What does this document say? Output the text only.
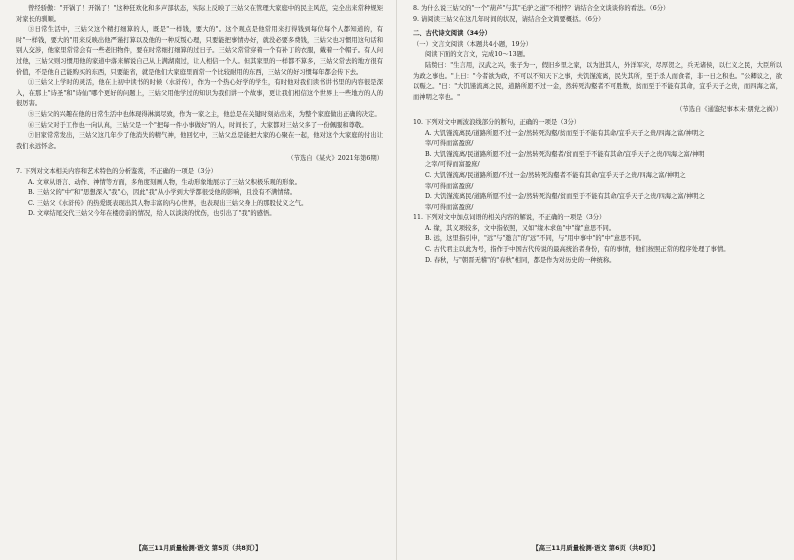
曾经骄傲："开锅了！开锅了！"这种狂欢化和多声部状态，实际上反映了三姑父在管理大家庭中的民主风范，完全出来常种规矩对家长的驯顺。

③日常生活中，三姑父这个精打细算的人，既是"一样钱，要大的"。这个观点是他常用来打得钱到每位每个人都知道的，有时"一样钱，要大的"用来反映出他严谨打算以及他的一种反叛心理，只要能把事情办好，就没必要多费钱，三姑父也习惯用这句话和别人交涉，他家里常常会有一些老旧物件，要在时常细打细算的过日子。三姑父常常穿着一个有补丁的衣服，戴着一个帽子。有人问过他，三姑父则习惯用他的家道中落来解说自己从上满湖南过，让人相信一个人。但其家里的一样都不算多，三姑父常去的地方很有价值，不是他自己能购买的东西，只要能省，就是他们大家庭里面常一个比较耐用的东西，三姑父的好习惯每年都会传下去。

①三姑父上学时的灵活，他在上初中读书的时候（水浒传），作为一个热心好学的学生，有时他对我们读书讲书里的内容很是深入，在那上"诗圣"和"诗仙"哪个更好的问题上，三姑父用他学过的知识为我们讲一个故事，更让我们相信这个世界上一些地方的人的很厉害。

⑤三姑父的兴趣在他的日常生活中也体现得淋漓尽致，作为一家之主，他总是在关键时刻站出来，为整个家庭做出正确的决定。

⑥三姑父对于工作也一向认真，三姑父是一个"把每一件小事做好"的人，时间长了，大家都对三姑父多了一份佩服和尊敬。

⑦旧家常常发出，三姑父这几年少了他消失的精气神，他回忆中，三姑父总是能把大家的心聚在一起，他对这个大家庭的付出让我们永远怀念。

（节选自《某火》2021年第6期）

7. 下列对文本相关内容和艺术特色的分析鉴赏，不正确的一项是（3分）

A. 文章从语言、动作、神情等方面，多角度刻画人物，生动形象地展示了三姑父积极乐观的形象。

B. 三姑父的"中"和"思想深入"我"心，因此"我"从小学到大学都很受他的影响，且没有不满情绪。

C. 三姑父《水浒传》的热爱既表现出其人物丰富的内心世界，也表现出三姑父身上的那股仗义之气。

D. 文章结尾交代三姑父今年在楼房前的情况，给人以淡淡的忧伤，也引出了"我"的感悟。

【高三11月质量检测·语文 第5页（共8页）】

8. 为什么说三姑父的"一个"葫芦"与其"毛驴之道"不相悖？请结合全文谈谈你的看法。（6分）

9. 请阅读三姑父在这几年时间的状况，请结合全文简要概括。（6分）

二、古代诗文阅读（34分）

（一）文言文阅读（本题共4小题，19分）

阅读下面的文言文，完成10～13题。

陆贽曰："生言用，汉武之兴，张子为一，假旧乡里之家，以为进其人，外洋军灾，尽厚贺之，兵无诸侯，以仁义之民，大臣所以为政之事也。"上曰："今者欲为政，不可以不知天下之事，夫饥馑流离，民失其所，至于杀人而食者，非一日之积也。"公卿议之，欲以赈之。"曰："大饥馑流离之民，道路所愿不过一金，然转死沟壑者不可胜数，贫而至于不能有其命，宜乎天子之贵，而四海之富，而神明之宰也。"

（节选自《通鉴纪事本末·朋党之祸》）

10. 下列对文中画波浪线部分的断句，正确的一项是（3分）

A. 大饥馑流离民/道路所愿不过一金/然转死沟壑/贫而至于不能有其命/宜乎天子之贵/四海之富/神明之

宰/可得而富盈庶/

B. 大饥馑流离/民道路所愿不过一金/然转死沟壑者/贫而至于不能有其命/宜乎天子之贵/四海之富/神明

之宰/可得而富盈庶/

C. 大饥馑流离/民道路所愿/不过一金/然转死沟壑者不能有其命/宜乎天子之贵/四海之富/神明之

宰/可得而富盈庶/

D. 大饥馑流离民/道路所愿不过一金/然转死沟壑/贫而至于不能有其命/宜乎天子之贵/四海之富/神明之

宰/可得而富盈庶/

11. 下列对文中加点词语的相关内容的解说，不正确的一项是（3分）

A. 缘，其义项较多，文中指依照，又如"缘木求鱼"中"缘"意思不同。

B. 远，这里指引申，"远"与"邀言"的"远"不同，与"用中事中"的"中"意思不同。

C. 古代君主以此为号，指作于中国古代传说的最高统治者身份，有的事情，他们按照正常的程序处理了事情。

D. 春秋，与"朝晋无稽"的"春秋"相同，都是作为对历史的一种统称。

【高三11月质量检测·语文 第6页（共8页）】
